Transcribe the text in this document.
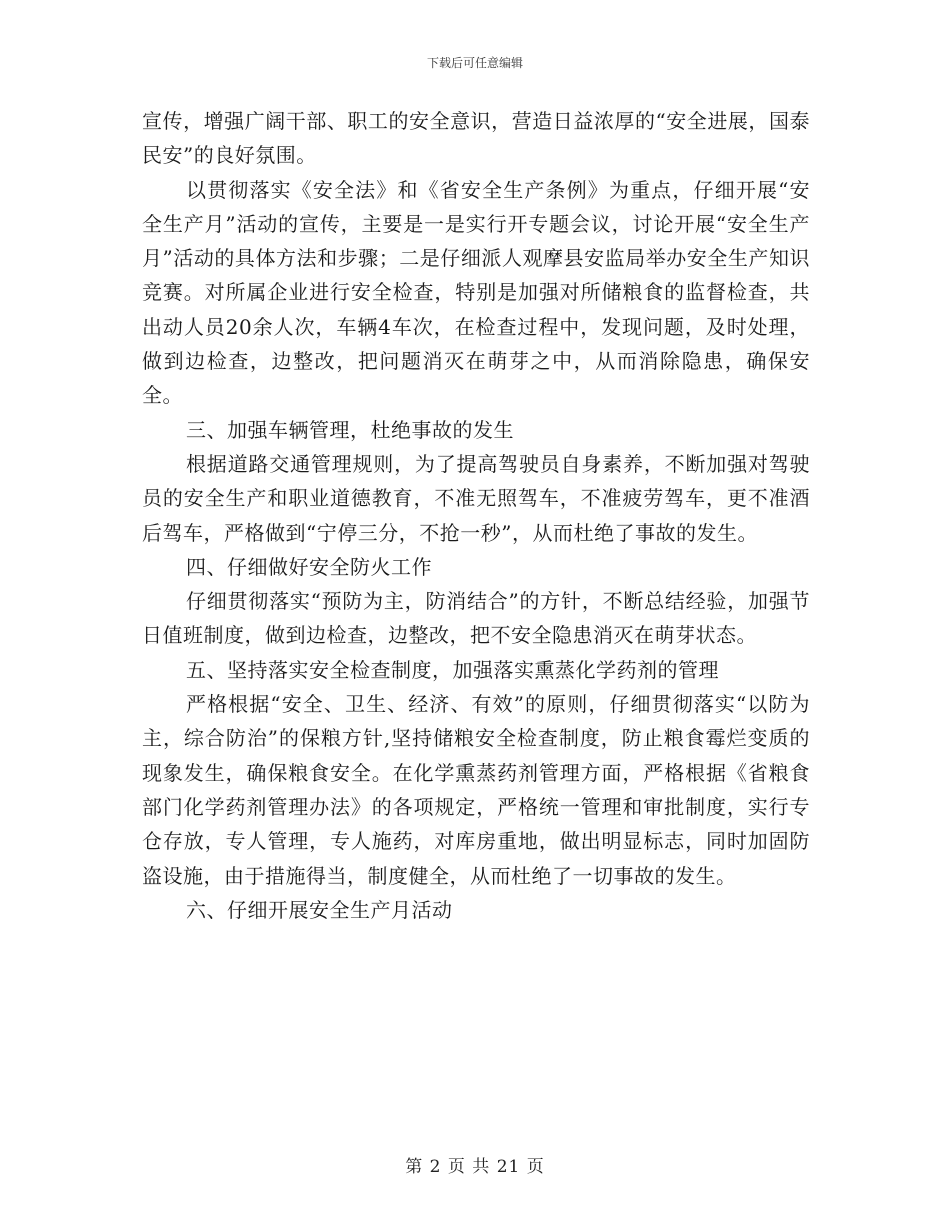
下载后可任意编辑

宣传，增强广阔干部、职工的安全意识，营造日益浓厚的“安全进展，国泰民安”的良好氛围。

以贯彻落实《安全法》和《省安全生产条例》为重点，仔细开展“安全生产月”活动的宣传，主要是一是实行开专题会议，讨论开展“安全生产月”活动的具体方法和步骤；二是仔细派人观摩县安监局举办安全生产知识竞赛。对所属企业进行安全检查，特别是加强对所储粮食的监督检查，共出动人员20余人次，车辆4车次，在检查过程中，发现问题，及时处理，做到边检查，边整改，把问题消灭在萌芽之中，从而消除隐患，确保安全。

三、加强车辆管理，杜绝事故的发生

根据道路交通管理规则，为了提高驾驶员自身素养，不断加强对驾驶员的安全生产和职业道德教育，不准无照驾车，不准疲劳驾车，更不准酒后驾车，严格做到“宁停三分，不抢一秒”，从而杜绝了事故的发生。

四、仔细做好安全防火工作

仔细贯彻落实“预防为主，防消结合”的方针，不断总结经验，加强节日值班制度，做到边检查，边整改，把不安全隐患消灭在萌芽状态。

五、坚持落实安全检查制度，加强落实熏蒸化学药剂的管理

严格根据“安全、卫生、经济、有效”的原则，仔细贯彻落实“以防为主，综合防治”的保粮方针,坚持储粮安全检查制度，防止粮食霉烂变质的现象发生，确保粮食安全。在化学熏蒸药剂管理方面，严格根据《省粮食部门化学药剂管理办法》的各项规定，严格统一管理和审批制度，实行专仓存放，专人管理，专人施药，对库房重地，做出明显标志，同时加固防盗设施，由于措施得当，制度健全，从而杜绝了一切事故的发生。

六、仔细开展安全生产月活动

第 2 页 共 21 页
